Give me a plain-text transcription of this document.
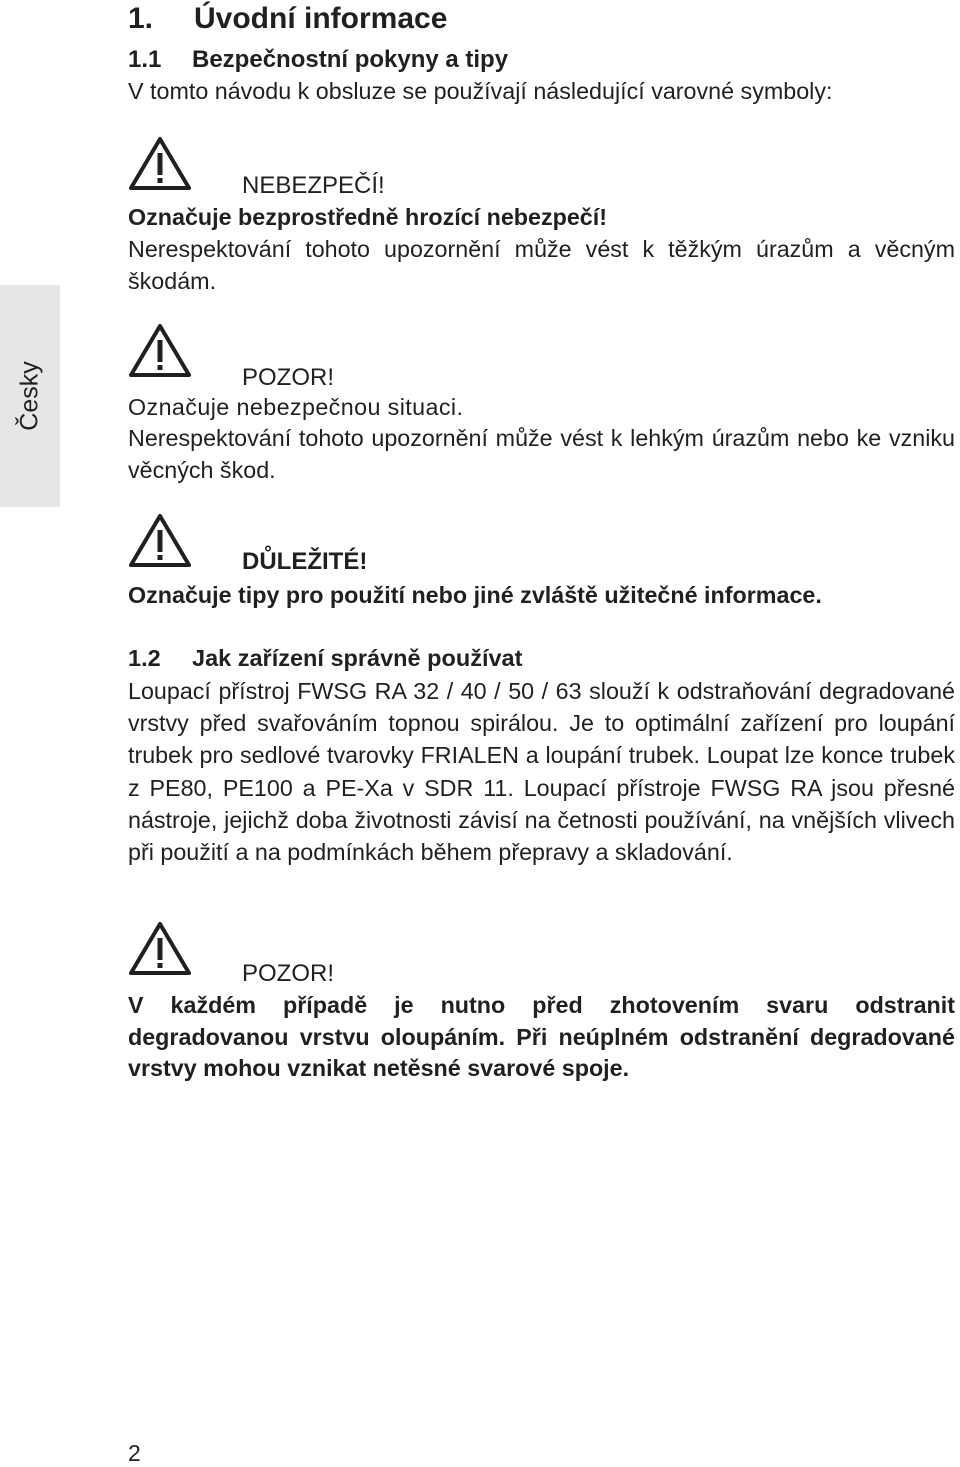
Česky
1. Úvodní informace
1.1 Bezpečnostní pokyny a tipy
V tomto návodu k obsluze se používají následující varovné symboly:
NEBEZPEČÍ!
Označuje bezprostředně hrozící nebezpečí!
Nerespektování tohoto upozornění může vést k těžkým úrazům a věcným škodám.
POZOR!
Označuje nebezpečnou situaci.
Nerespektování tohoto upozornění může vést k lehkým úrazům nebo ke vzniku věcných škod.
DŮLEŽITÉ!
Označuje tipy pro použití nebo jiné zvláště užitečné informace.
1.2 Jak zařízení správně používat
Loupací přístroj FWSG RA 32 / 40 / 50 / 63 slouží k odstraňování degradované vrstvy před svařováním topnou spirálou. Je to optimální zařízení pro loupání trubek pro sedlové tvarovky FRIALEN a loupání trubek. Loupat lze konce trubek z PE80, PE100 a PE-Xa v SDR 11. Loupací přístroje FWSG RA jsou přesné nástroje, jejichž doba životnosti závisí na četnosti používání, na vnějších vlivech při použití a na podmínkách během přepravy a skladování.
POZOR!
V každém případě je nutno před zhotovením svaru odstranit degradovanou vrstvu oloupáním. Při neúplném odstranění degradované vrstvy mohou vznikat netěsné svarové spoje.
2
